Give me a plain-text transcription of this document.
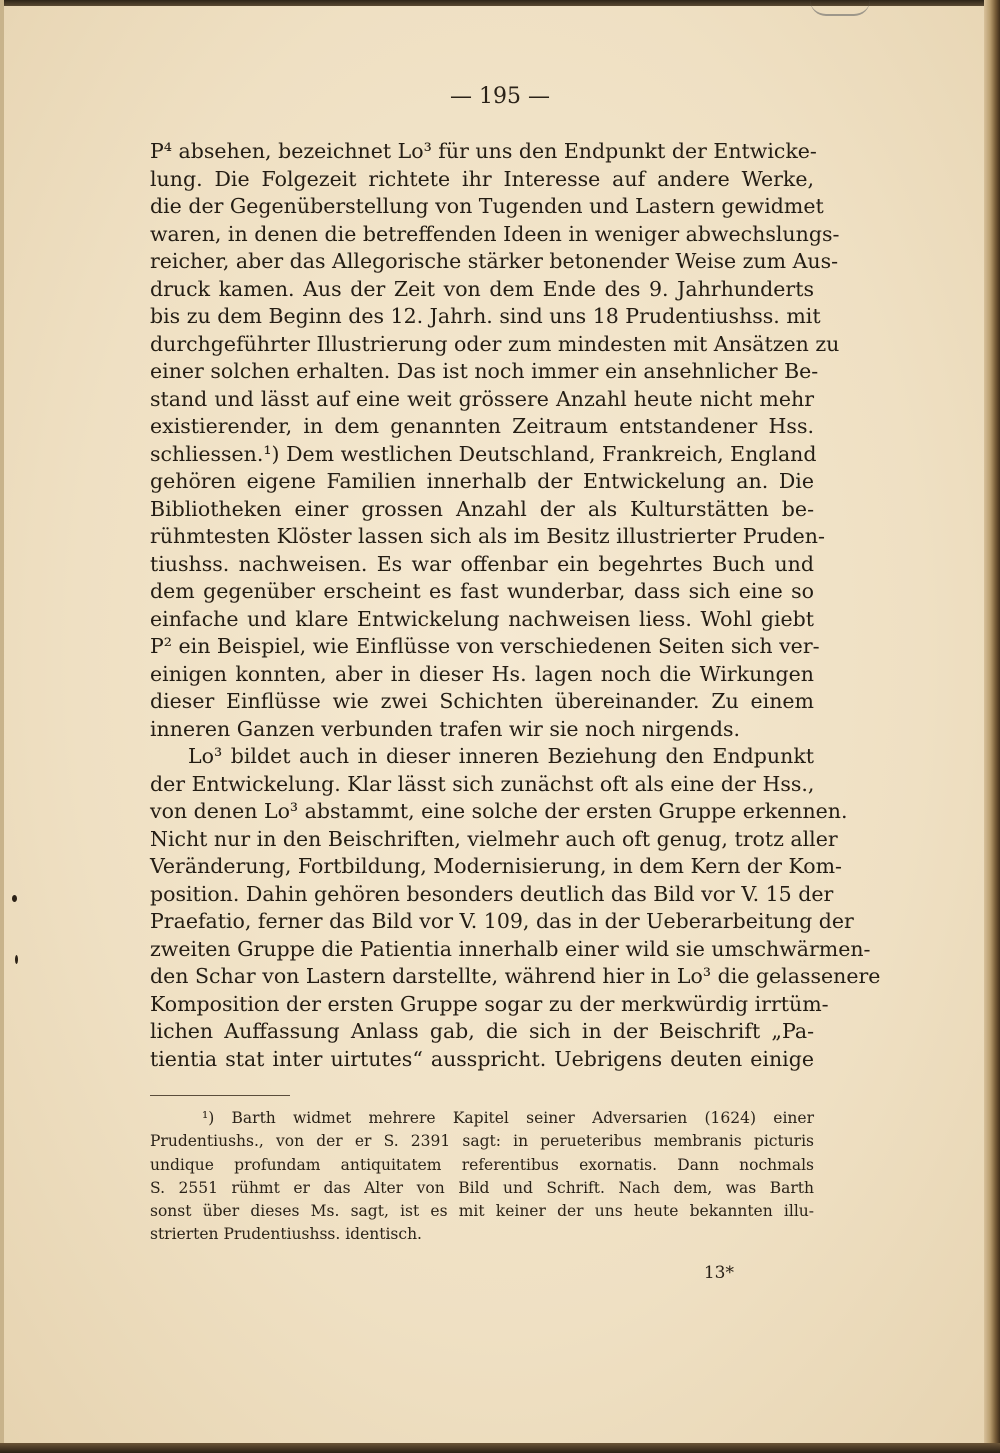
— 195 —
P⁴ absehen, bezeichnet Lo³ für uns den Endpunkt der Entwicke-
lung. Die Folgezeit richtete ihr Interesse auf andere Werke,
die der Gegenüberstellung von Tugenden und Lastern gewidmet
waren, in denen die betreffenden Ideen in weniger abwechslungs-
reicher, aber das Allegorische stärker betonender Weise zum Aus-
druck kamen. Aus der Zeit von dem Ende des 9. Jahrhunderts
bis zu dem Beginn des 12. Jahrh. sind uns 18 Prudentiushss. mit
durchgeführter Illustrierung oder zum mindesten mit Ansätzen zu
einer solchen erhalten. Das ist noch immer ein ansehnlicher Be-
stand und lässt auf eine weit grössere Anzahl heute nicht mehr
existierender, in dem genannten Zeitraum entstandener Hss.
schliessen.¹) Dem westlichen Deutschland, Frankreich, England
gehören eigene Familien innerhalb der Entwickelung an. Die
Bibliotheken einer grossen Anzahl der als Kulturstätten be-
rühmtesten Klöster lassen sich als im Besitz illustrierter Pruden-
tiushss. nachweisen. Es war offenbar ein begehrtes Buch und
dem gegenüber erscheint es fast wunderbar, dass sich eine so
einfache und klare Entwickelung nachweisen liess. Wohl giebt
P² ein Beispiel, wie Einflüsse von verschiedenen Seiten sich ver-
einigen konnten, aber in dieser Hs. lagen noch die Wirkungen
dieser Einflüsse wie zwei Schichten übereinander. Zu einem
inneren Ganzen verbunden trafen wir sie noch nirgends.
Lo³ bildet auch in dieser inneren Beziehung den Endpunkt
der Entwickelung. Klar lässt sich zunächst oft als eine der Hss.,
von denen Lo³ abstammt, eine solche der ersten Gruppe erkennen.
Nicht nur in den Beischriften, vielmehr auch oft genug, trotz aller
Veränderung, Fortbildung, Modernisierung, in dem Kern der Kom-
position. Dahin gehören besonders deutlich das Bild vor V. 15 der
Praefatio, ferner das Bild vor V. 109, das in der Ueberarbeitung der
zweiten Gruppe die Patientia innerhalb einer wild sie umschwärmen-
den Schar von Lastern darstellte, während hier in Lo³ die gelassenere
Komposition der ersten Gruppe sogar zu der merkwürdig irrtüm-
lichen Auffassung Anlass gab, die sich in der Beischrift „Pa-
tientia stat inter uirtutes“ ausspricht. Uebrigens deuten einige
¹) Barth widmet mehrere Kapitel seiner Adversarien (1624) einer
Prudentiushs., von der er S. 2391 sagt: in perueteribus membranis picturis
undique profundam antiquitatem referentibus exornatis. Dann nochmals
S. 2551 rühmt er das Alter von Bild und Schrift. Nach dem, was Barth
sonst über dieses Ms. sagt, ist es mit keiner der uns heute bekannten illu-
strierten Prudentiushss. identisch.
13*
